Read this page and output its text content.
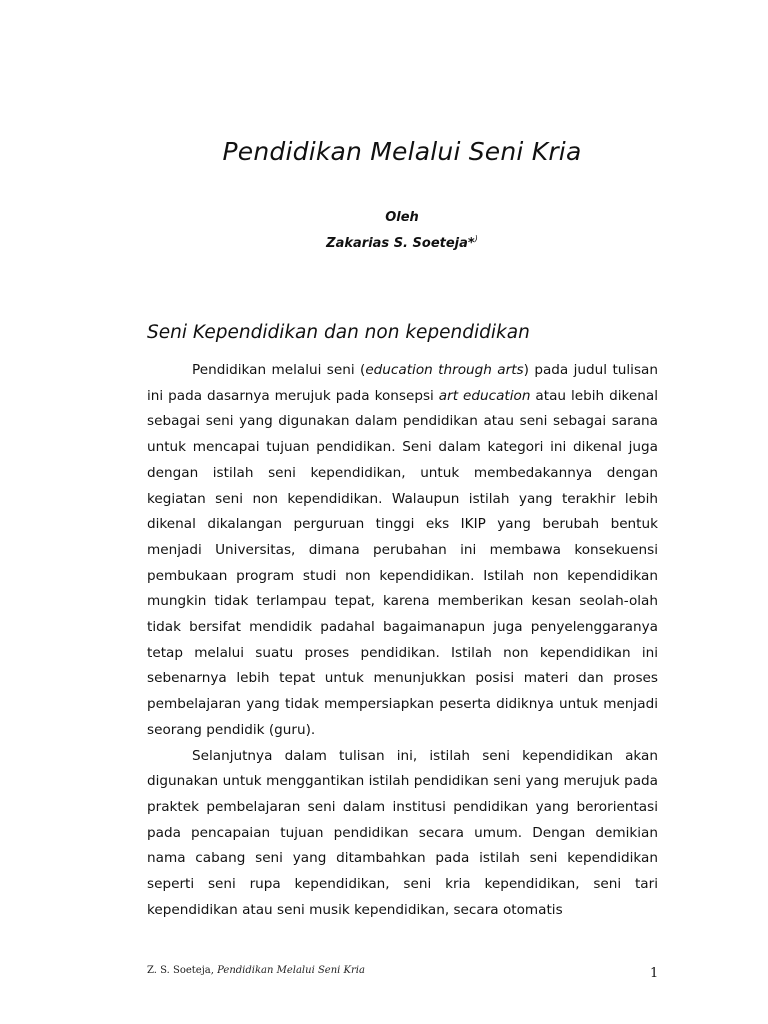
Pendidikan Melalui Seni Kria
Oleh
Zakarias S. Soeteja*)
Seni Kependidikan dan non kependidikan

Pendidikan melalui seni (education through arts) pada judul tulisan ini pada dasarnya merujuk pada konsepsi art education atau lebih dikenal sebagai seni yang digunakan dalam pendidikan atau seni sebagai sarana untuk mencapai tujuan pendidikan. Seni dalam kategori ini dikenal juga dengan istilah seni kependidikan, untuk membedakannya dengan kegiatan seni non kependidikan. Walaupun istilah yang terakhir lebih dikenal dikalangan perguruan tinggi eks IKIP yang berubah bentuk menjadi Universitas, dimana perubahan ini membawa konsekuensi pembukaan program studi non kependidikan. Istilah non kependidikan mungkin tidak terlampau tepat, karena memberikan kesan seolah-olah tidak bersifat mendidik padahal bagaimanapun juga penyelenggaranya tetap melalui suatu proses pendidikan. Istilah non kependidikan ini sebenarnya lebih tepat untuk menunjukkan posisi materi dan proses pembelajaran yang tidak mempersiapkan peserta didiknya untuk menjadi seorang pendidik (guru).

Selanjutnya dalam tulisan ini, istilah seni kependidikan akan digunakan untuk menggantikan istilah pendidikan seni yang merujuk pada praktek pembelajaran seni dalam institusi pendidikan yang berorientasi pada pencapaian tujuan pendidikan secara umum. Dengan demikian nama cabang seni yang ditambahkan pada istilah seni kependidikan seperti seni rupa kependidikan, seni kria kependidikan, seni tari kependidikan atau seni musik kependidikan, secara otomatis

Z. S. Soeteja, Pendidikan Melalui Seni Kria	1
